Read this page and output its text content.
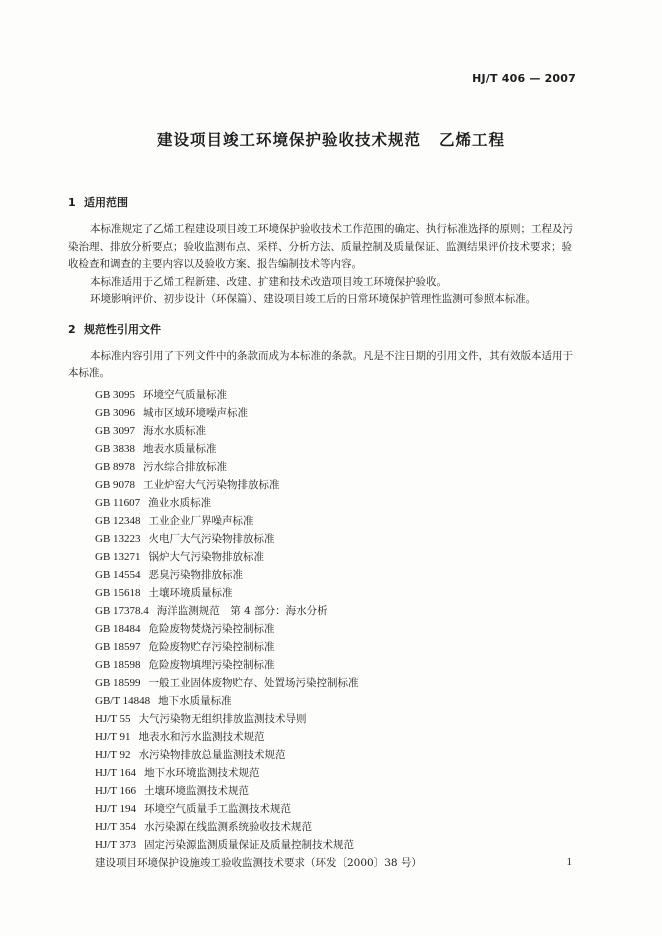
HJ/T 406 — 2007
建设项目竣工环境保护验收技术规范 乙烯工程
1 适用范围
本标准规定了乙烯工程建设项目竣工环境保护验收技术工作范围的确定、执行标准选择的原则；工程及污染治理、排放分析要点；验收监测布点、采样、分析方法、质量控制及质量保证、监测结果评价技术要求；验收检查和调查的主要内容以及验收方案、报告编制技术等内容。
本标准适用于乙烯工程新建、改建、扩建和技术改造项目竣工环境保护验收。
环境影响评价、初步设计（环保篇）、建设项目竣工后的日常环境保护管理性监测可参照本标准。
2 规范性引用文件
本标准内容引用了下列文件中的条款而成为本标准的条款。凡是不注日期的引用文件，其有效版本适用于本标准。
GB 3095 环境空气质量标准
GB 3096 城市区域环境噪声标准
GB 3097 海水水质标准
GB 3838 地表水质量标准
GB 8978 污水综合排放标准
GB 9078 工业炉窑大气污染物排放标准
GB 11607 渔业水质标准
GB 12348 工业企业厂界噪声标准
GB 13223 火电厂大气污染物排放标准
GB 13271 锅炉大气污染物排放标准
GB 14554 恶臭污染物排放标准
GB 15618 土壤环境质量标准
GB 17378.4 海洋监测规范　第 4 部分：海水分析
GB 18484 危险废物焚烧污染控制标准
GB 18597 危险废物贮存污染控制标准
GB 18598 危险废物填埋污染控制标准
GB 18599 一般工业固体废物贮存、处置场污染控制标准
GB/T 14848 地下水质量标准
HJ/T 55 大气污染物无组织排放监测技术导则
HJ/T 91 地表水和污水监测技术规范
HJ/T 92 水污染物排放总量监测技术规范
HJ/T 164 地下水环境监测技术规范
HJ/T 166 土壤环境监测技术规范
HJ/T 194 环境空气质量手工监测技术规范
HJ/T 354 水污染源在线监测系统验收技术规范
HJ/T 373 固定污染源监测质量保证及质量控制技术规范
建设项目环境保护设施竣工验收监测技术要求（环发〔2000〕38 号）	1
